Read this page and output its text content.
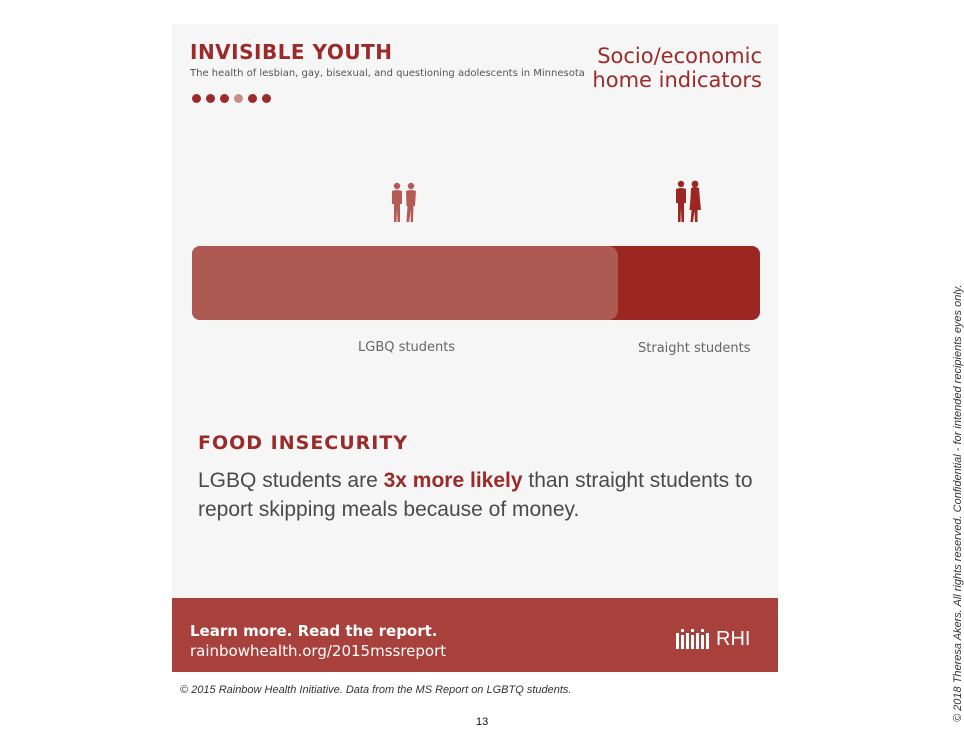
INVISIBLE YOUTH
The health of lesbian, gay, bisexual, and questioning adolescents in Minnesota
Socio/economic
home indicators
LGBQ students	Straight students
FOOD INSECURITY
LGBQ students are 3x more likely than straight students to report skipping meals because of money.
Learn more. Read the report.
rainbowhealth.org/2015mssreport
RHI
© 2015 Rainbow Health Initiative. Data from the MS Report on LGBTQ students.
13	© 2018 Theresa Akers. All rights reserved. Confidential - for intended recipients eyes only.
